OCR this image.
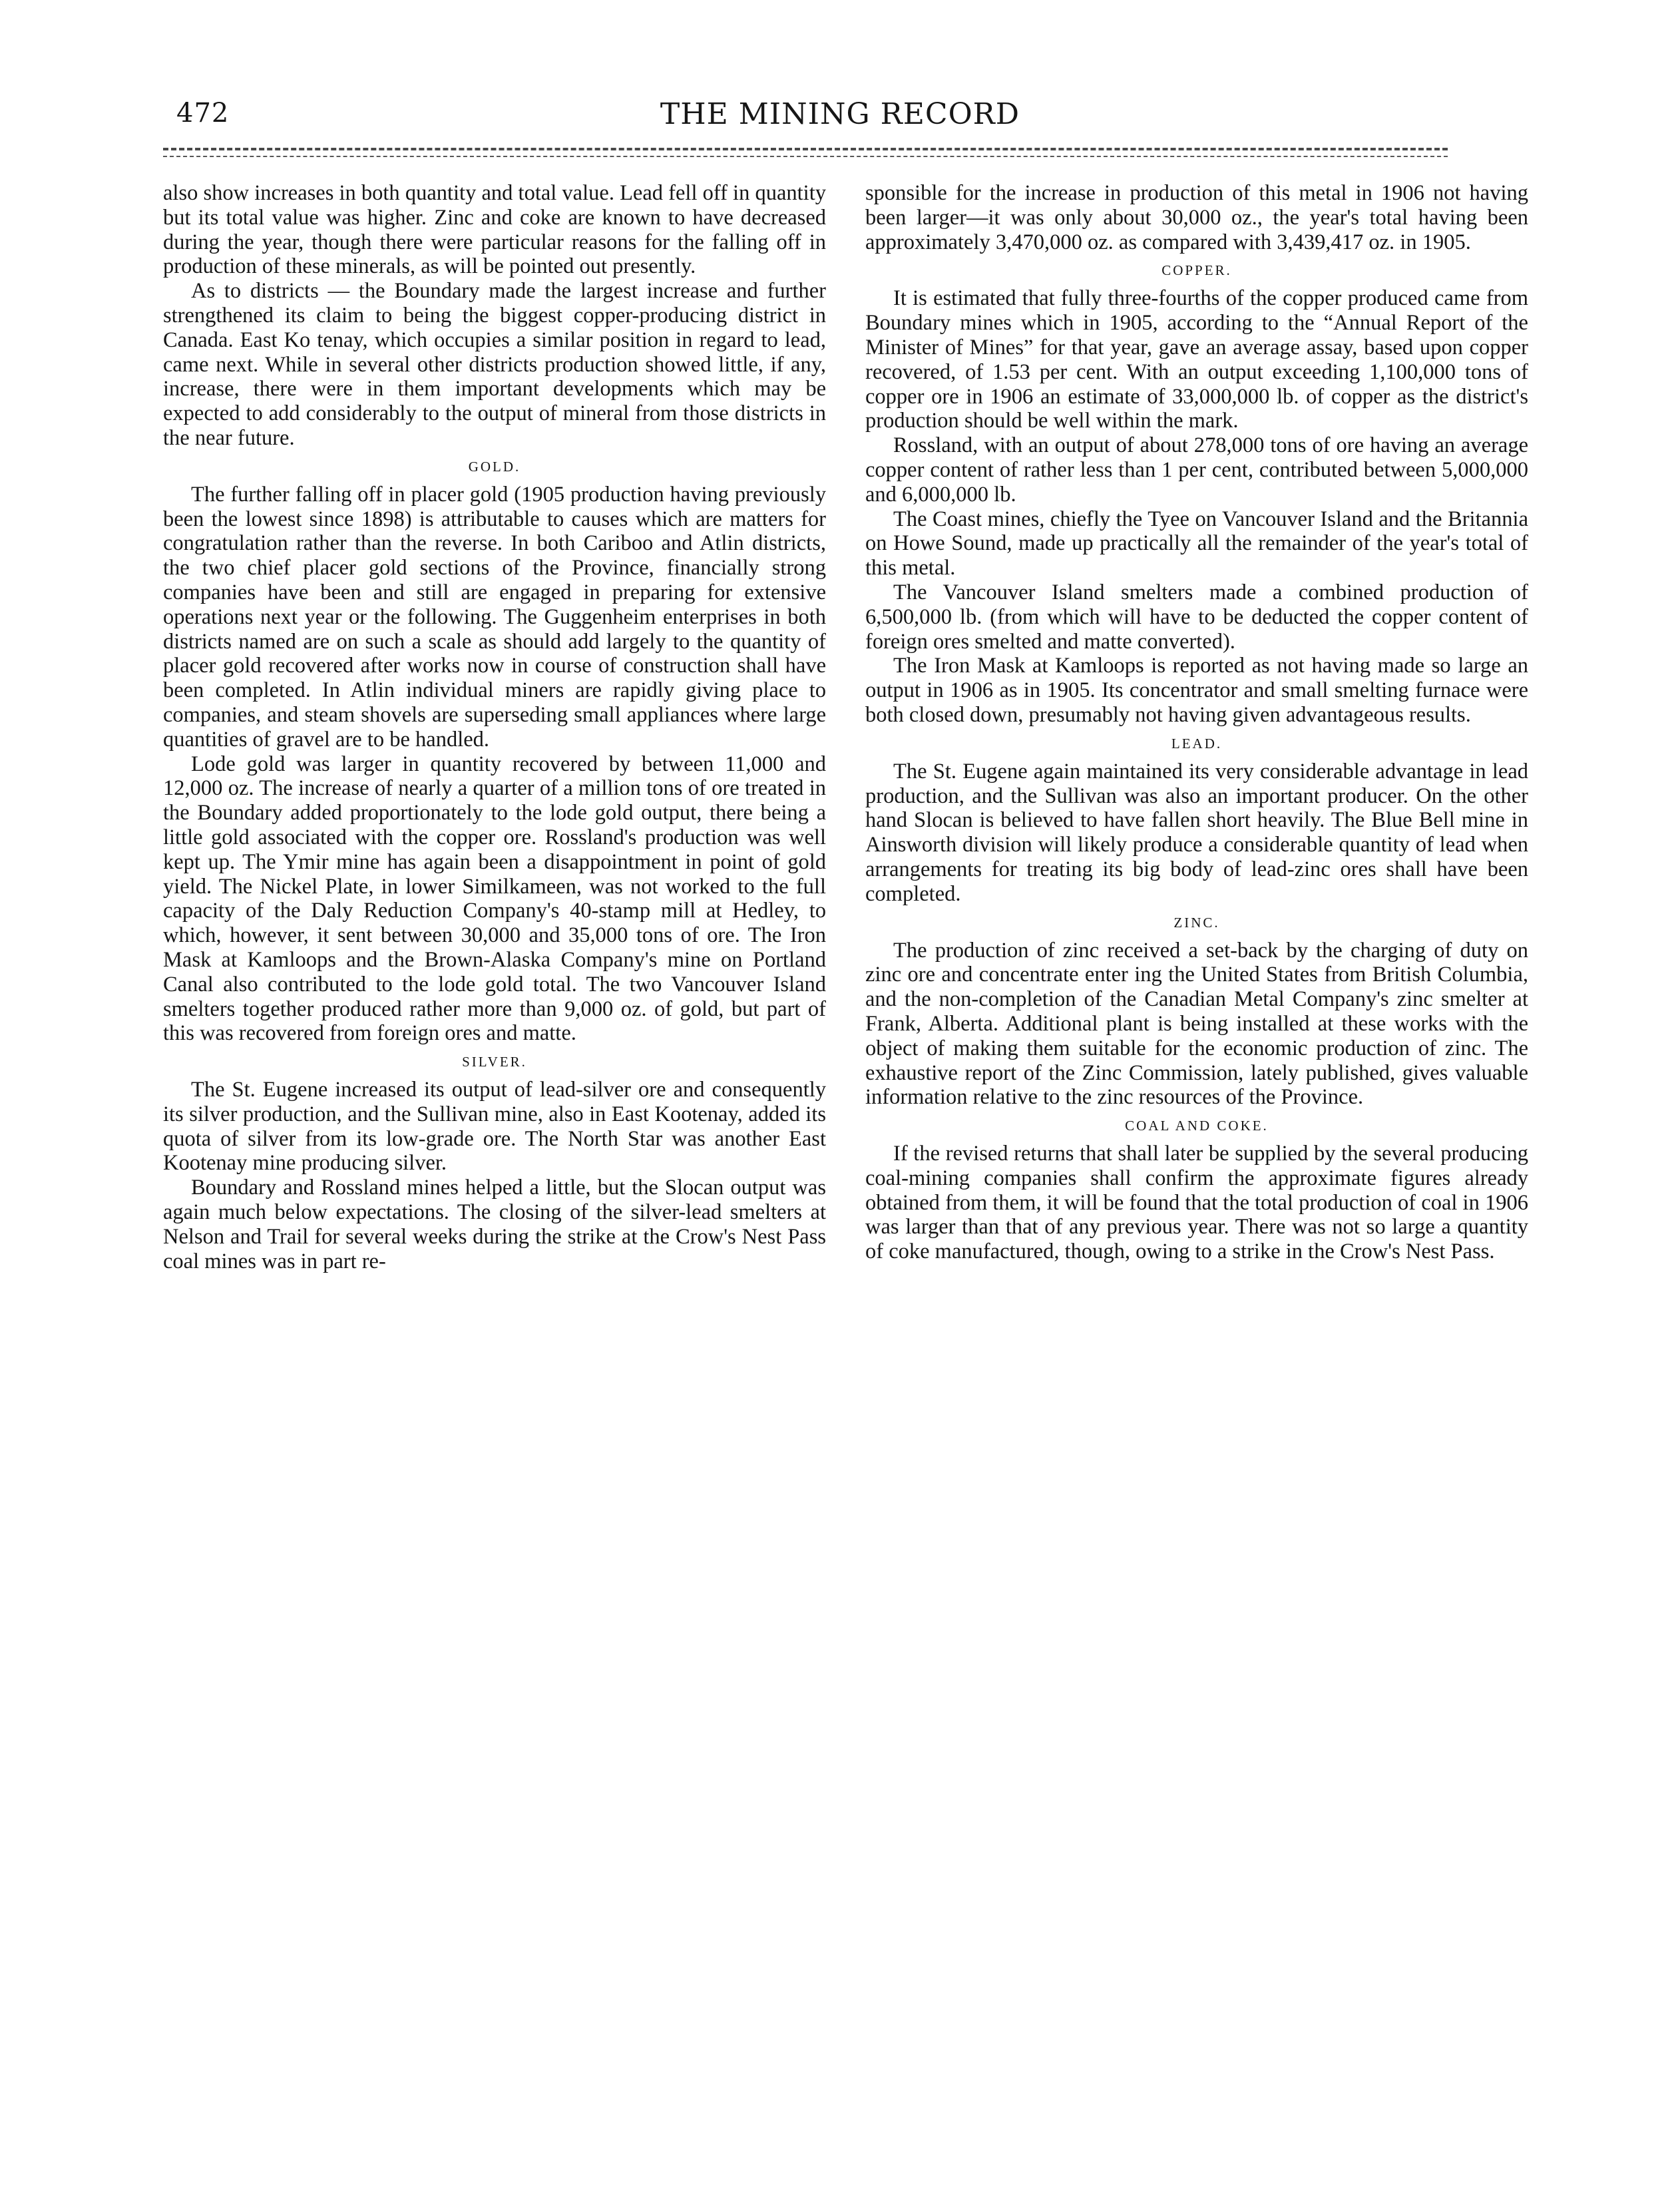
472	THE MINING RECORD

also show increases in both quantity and total value. Lead fell off in quantity but its total value was higher. Zinc and coke are known to have decreased during the year, though there were particular reasons for the falling off in production of these minerals, as will be pointed out presently.

As to districts — the Boundary made the largest increase and further strengthened its claim to being the biggest copper-producing district in Canada. East Ko tenay, which occupies a similar position in regard to lead, came next. While in several other districts production showed little, if any, increase, there were in them important developments which may be expected to add considerably to the output of mineral from those districts in the near future.

GOLD.

The further falling off in placer gold (1905 production having previously been the lowest since 1898) is attributable to causes which are matters for congratulation rather than the reverse. In both Cariboo and Atlin districts, the two chief placer gold sections of the Province, financially strong companies have been and still are engaged in preparing for extensive operations next year or the following. The Guggenheim enterprises in both districts named are on such a scale as should add largely to the quantity of placer gold recovered after works now in course of construction shall have been completed. In Atlin individual miners are rapidly giving place to companies, and steam shovels are superseding small appliances where large quantities of gravel are to be handled.

Lode gold was larger in quantity recovered by between 11,000 and 12,000 oz. The increase of nearly a quarter of a million tons of ore treated in the Boundary added proportionately to the lode gold output, there being a little gold associated with the copper ore. Rossland's production was well kept up. The Ymir mine has again been a disappointment in point of gold yield. The Nickel Plate, in lower Similkameen, was not worked to the full capacity of the Daly Reduction Company's 40-stamp mill at Hedley, to which, however, it sent between 30,000 and 35,000 tons of ore. The Iron Mask at Kamloops and the Brown-Alaska Company's mine on Portland Canal also contributed to the lode gold total. The two Vancouver Island smelters together produced rather more than 9,000 oz. of gold, but part of this was recovered from foreign ores and matte.

SILVER.

The St. Eugene increased its output of lead-silver ore and consequently its silver production, and the Sullivan mine, also in East Kootenay, added its quota of silver from its low-grade ore. The North Star was another East Kootenay mine producing silver.

Boundary and Rossland mines helped a little, but the Slocan output was again much below expectations. The closing of the silver-lead smelters at Nelson and Trail for several weeks during the strike at the Crow's Nest Pass coal mines was in part re-

sponsible for the increase in production of this metal in 1906 not having been larger—it was only about 30,000 oz., the year's total having been approximately 3,470,000 oz. as compared with 3,439,417 oz. in 1905.

COPPER.

It is estimated that fully three-fourths of the copper produced came from Boundary mines which in 1905, according to the “Annual Report of the Minister of Mines” for that year, gave an average assay, based upon copper recovered, of 1.53 per cent. With an output exceeding 1,100,000 tons of copper ore in 1906 an estimate of 33,000,000 lb. of copper as the district's production should be well within the mark.

Rossland, with an output of about 278,000 tons of ore having an average copper content of rather less than 1 per cent, contributed between 5,000,000 and 6,000,000 lb.

The Coast mines, chiefly the Tyee on Vancouver Island and the Britannia on Howe Sound, made up practically all the remainder of the year's total of this metal.

The Vancouver Island smelters made a combined production of 6,500,000 lb. (from which will have to be deducted the copper content of foreign ores smelted and matte converted).

The Iron Mask at Kamloops is reported as not having made so large an output in 1906 as in 1905. Its concentrator and small smelting furnace were both closed down, presumably not having given advantageous results.

LEAD.

The St. Eugene again maintained its very considerable advantage in lead production, and the Sullivan was also an important producer. On the other hand Slocan is believed to have fallen short heavily. The Blue Bell mine in Ainsworth division will likely produce a considerable quantity of lead when arrangements for treating its big body of lead-zinc ores shall have been completed.

ZINC.

The production of zinc received a set-back by the charging of duty on zinc ore and concentrate enter ing the United States from British Columbia, and the non-completion of the Canadian Metal Company's zinc smelter at Frank, Alberta. Additional plant is being installed at these works with the object of making them suitable for the economic production of zinc. The exhaustive report of the Zinc Commission, lately published, gives valuable information relative to the zinc resources of the Province.

COAL AND COKE.

If the revised returns that shall later be supplied by the several producing coal-mining companies shall confirm the approximate figures already obtained from them, it will be found that the total production of coal in 1906 was larger than that of any previous year. There was not so large a quantity of coke manufactured, though, owing to a strike in the Crow's Nest Pass.
